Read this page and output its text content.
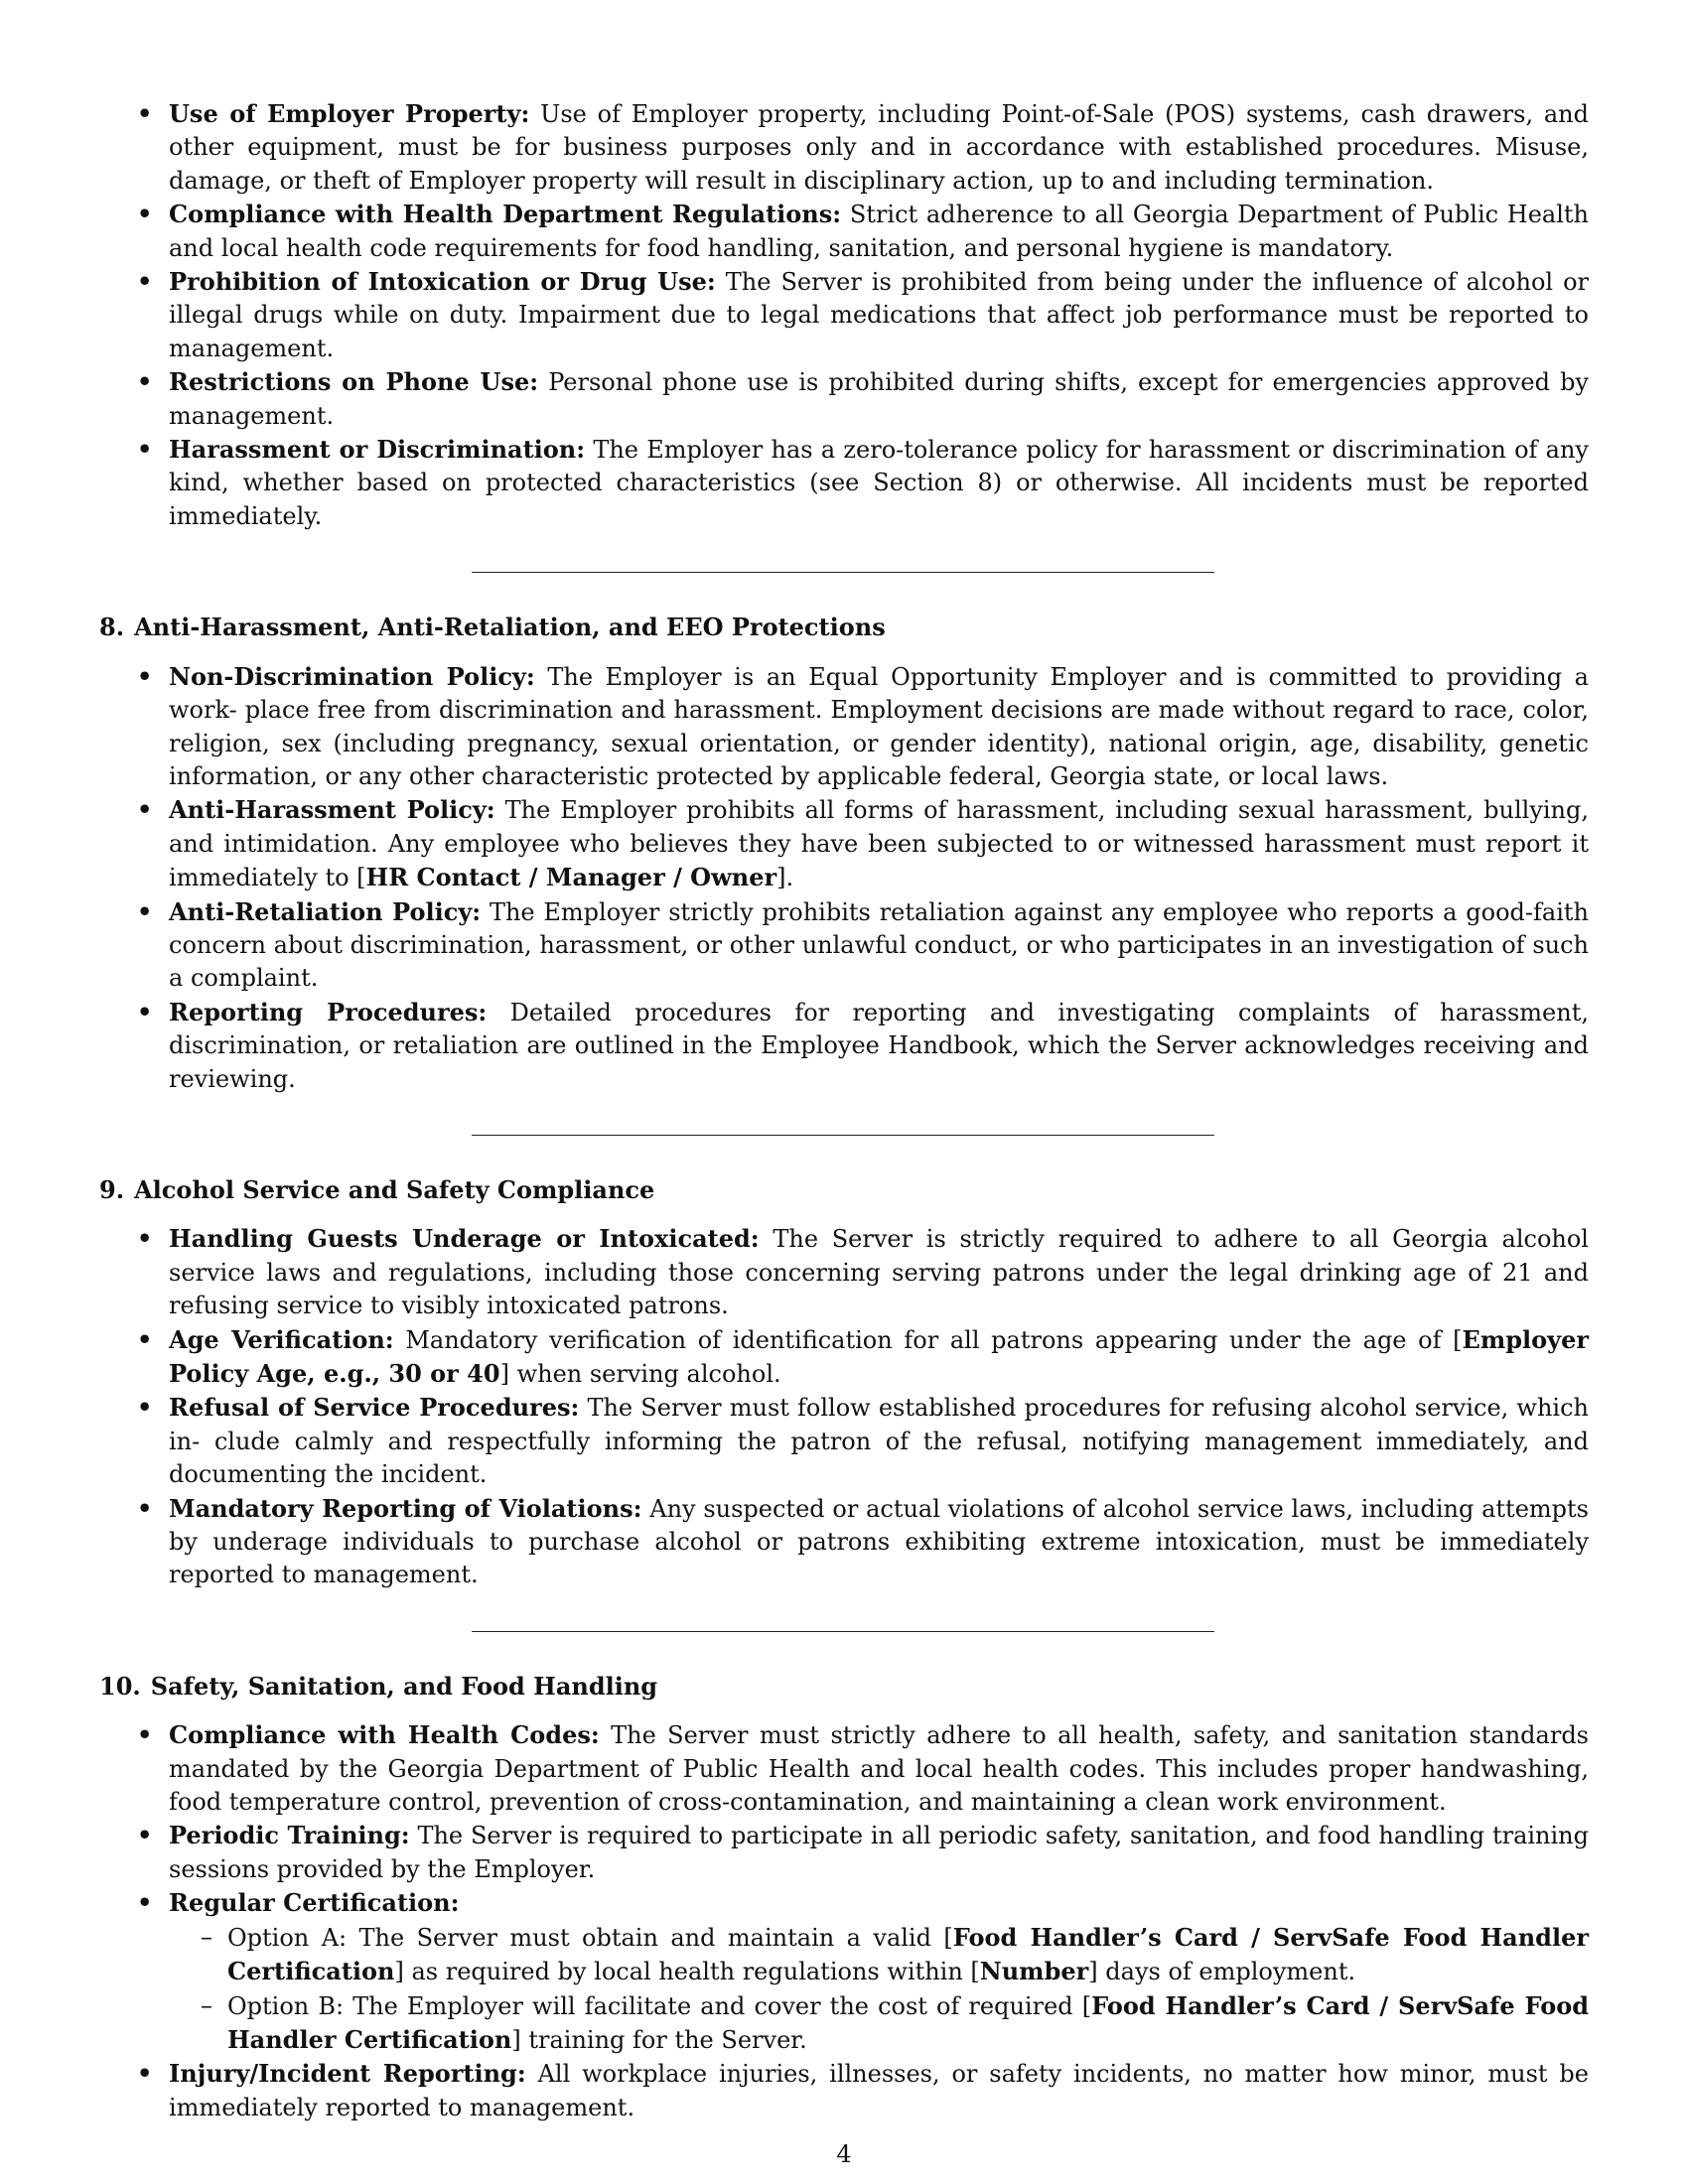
• Use of Employer Property: Use of Employer property, including Point-of-Sale (POS) systems, cash drawers, and other equipment, must be for business purposes only and in accordance with established procedures. Misuse, damage, or theft of Employer property will result in disciplinary action, up to and including termination.
• Compliance with Health Department Regulations: Strict adherence to all Georgia Department of Public Health and local health code requirements for food handling, sanitation, and personal hygiene is mandatory.
• Prohibition of Intoxication or Drug Use: The Server is prohibited from being under the influence of alcohol or illegal drugs while on duty. Impairment due to legal medications that affect job performance must be reported to management.
• Restrictions on Phone Use: Personal phone use is prohibited during shifts, except for emergencies approved by management.
• Harassment or Discrimination: The Employer has a zero-tolerance policy for harassment or discrimination of any kind, whether based on protected characteristics (see Section 8) or otherwise. All incidents must be reported immediately.
8. Anti-Harassment, Anti-Retaliation, and EEO Protections
• Non-Discrimination Policy: The Employer is an Equal Opportunity Employer and is committed to providing a work- place free from discrimination and harassment. Employment decisions are made without regard to race, color, religion, sex (including pregnancy, sexual orientation, or gender identity), national origin, age, disability, genetic information, or any other characteristic protected by applicable federal, Georgia state, or local laws.
• Anti-Harassment Policy: The Employer prohibits all forms of harassment, including sexual harassment, bullying, and intimidation. Any employee who believes they have been subjected to or witnessed harassment must report it immediately to [HR Contact / Manager / Owner].
• Anti-Retaliation Policy: The Employer strictly prohibits retaliation against any employee who reports a good-faith concern about discrimination, harassment, or other unlawful conduct, or who participates in an investigation of such a complaint.
• Reporting Procedures: Detailed procedures for reporting and investigating complaints of harassment, discrimination, or retaliation are outlined in the Employee Handbook, which the Server acknowledges receiving and reviewing.
9. Alcohol Service and Safety Compliance
• Handling Guests Underage or Intoxicated: The Server is strictly required to adhere to all Georgia alcohol service laws and regulations, including those concerning serving patrons under the legal drinking age of 21 and refusing service to visibly intoxicated patrons.
• Age Verification: Mandatory verification of identification for all patrons appearing under the age of [Employer Policy Age, e.g., 30 or 40] when serving alcohol.
• Refusal of Service Procedures: The Server must follow established procedures for refusing alcohol service, which in- clude calmly and respectfully informing the patron of the refusal, notifying management immediately, and documenting the incident.
• Mandatory Reporting of Violations: Any suspected or actual violations of alcohol service laws, including attempts by underage individuals to purchase alcohol or patrons exhibiting extreme intoxication, must be immediately reported to management.
10. Safety, Sanitation, and Food Handling
• Compliance with Health Codes: The Server must strictly adhere to all health, safety, and sanitation standards mandated by the Georgia Department of Public Health and local health codes. This includes proper handwashing, food temperature control, prevention of cross-contamination, and maintaining a clean work environment.
• Periodic Training: The Server is required to participate in all periodic safety, sanitation, and food handling training sessions provided by the Employer.
• Regular Certification:
– Option A: The Server must obtain and maintain a valid [Food Handler’s Card / ServSafe Food Handler Certification] as required by local health regulations within [Number] days of employment.
– Option B: The Employer will facilitate and cover the cost of required [Food Handler’s Card / ServSafe Food Handler Certification] training for the Server.
• Injury/Incident Reporting: All workplace injuries, illnesses, or safety incidents, no matter how minor, must be immediately reported to management.
4
